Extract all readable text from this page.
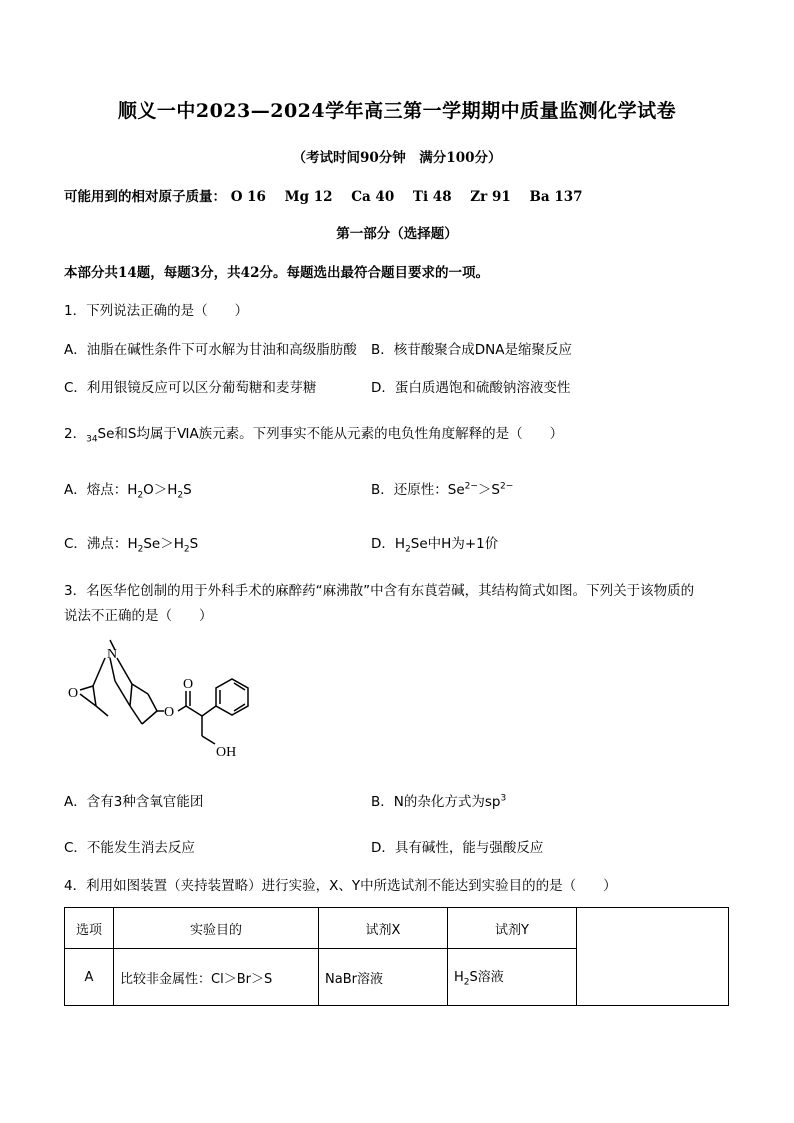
顺义一中2023—2024学年高三第一学期期中质量监测化学试卷
（考试时间90分钟　满分100分）
可能用到的相对原子质量： O 16 Mg 12 Ca 40 Ti 48 Zr 91 Ba 137
第一部分（选择题）
本部分共14题，每题3分，共42分。每题选出最符合题目要求的一项。
1．下列说法正确的是（　　）
A．油脂在碱性条件下可水解为甘油和高级脂肪酸 B．核苷酸聚合成DNA是缩聚反应
C．利用银镜反应可以区分葡萄糖和麦芽糖	D．蛋白质遇饱和硫酸钠溶液变性
2．$_{34}$Se和S均属于ⅥA族元素。下列事实不能从元素的电负性角度解释的是（　　）
A．熔点：$H_2O>H_2S$	B．还原性：$Se^{2-}>S^{2-}$
C．沸点：$H_2Se>H_2S$	D．$H_2Se$中H为+1价
3．名医华佗创制的用于外科手术的麻醉药“麻沸散”中含有东莨菪碱，其结构简式如图。下列关于该物质的
说法不正确的是（　　）
N
O
O
O
OH
A．含有3种含氧官能团	B．N的杂化方式为$sp^3$
C．不能发生消去反应	D．具有碱性，能与强酸反应
4．利用如图装置（夹持装置略）进行实验，X、Y中所选试剂不能达到实验目的的是（　　）
选项	实验目的	试剂X	试剂Y	
A	比较非金属性：Cl＞Br＞S	NaBr溶液	$H_2S$溶液	
